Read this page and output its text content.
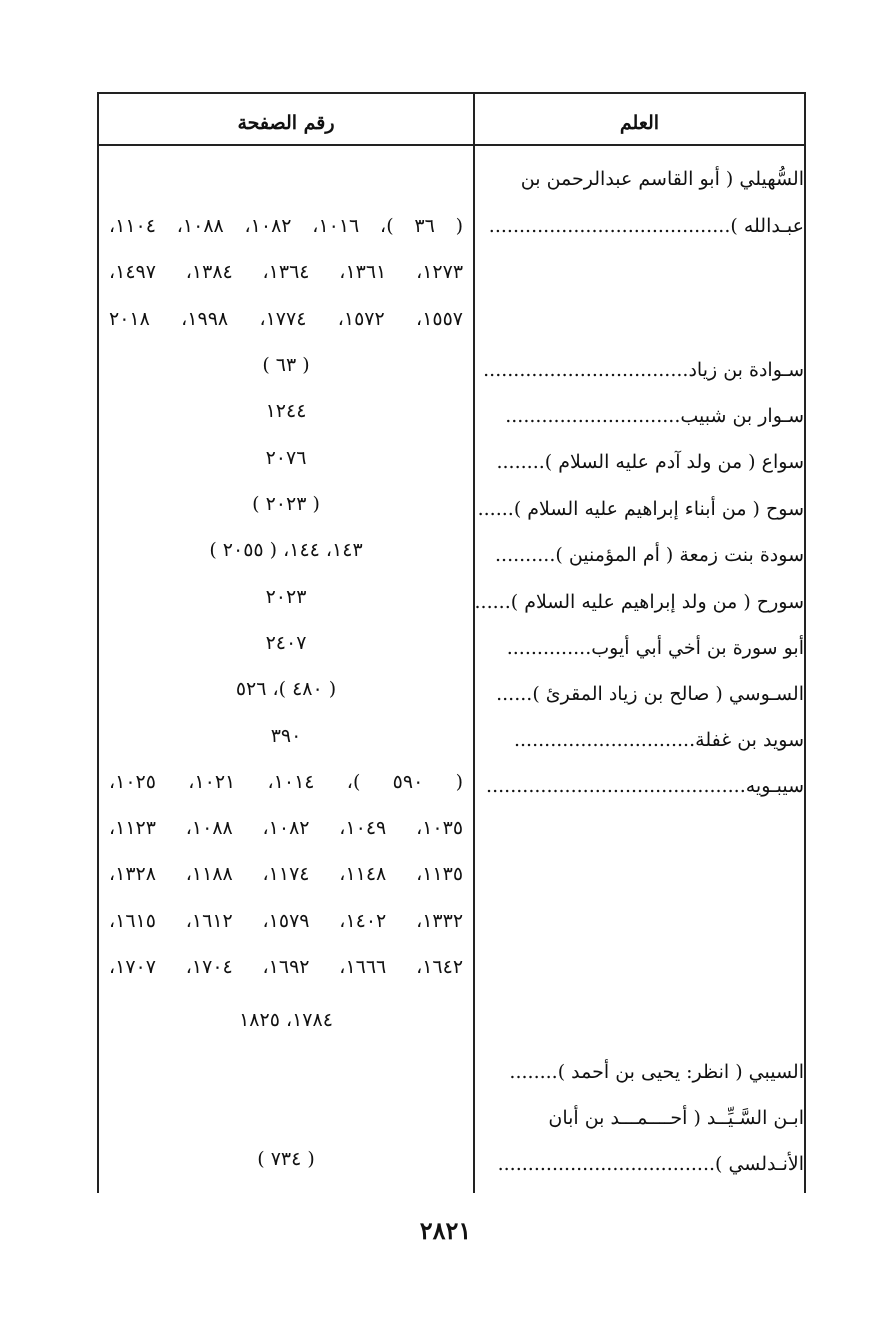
رقم الصفحة	العلم
السُّهيلي ( أبو القاسم عبدالرحمن بن
عبـدالله )........................................
سـوادة بن زياد..................................
سـوار بن شبيب.............................
سواع ( من ولد آدم عليه السلام )........
سوح ( من أبناء إبراهيم عليه السلام )......
سودة بنت زمعة ( أم المؤمنين )..........
سورح ( من ولد إبراهيم عليه السلام )......
أبو سورة بن أخي أبي أيوب..............
السـوسي ( صالح بن زياد المقرئ )......
سويد بن غفلة..............................
سيبـويه...........................................
السيبي ( انظر: يحيى بن أحمد )........
ابـن السَّـيِّــد ( أحــــمـــد بن أبان
الأنـدلسي )....................................
( ٣٦ )، ١٠١٦، ١٠٨٢، ١٠٨٨، ١١٠٤،
١٢٧٣، ١٣٦١، ١٣٦٤، ١٣٨٤، ١٤٩٧،
١٥٥٧، ١٥٧٢، ١٧٧٤، ١٩٩٨، ٢٠١٨
( ٦٣ )
١٢٤٤
٢٠٧٦
( ٢٠٢٣ )
١٤٣، ١٤٤، ( ٢٠٥٥ )
٢٠٢٣
٢٤٠٧
( ٤٨٠ )، ٥٢٦
٣٩٠
( ٥٩٠ )، ١٠١٤، ١٠٢١، ١٠٢٥،
١٠٣٥، ١٠٤٩، ١٠٨٢، ١٠٨٨، ١١٢٣،
١١٣٥، ١١٤٨، ١١٧٤، ١١٨٨، ١٣٢٨،
١٣٣٢، ١٤٠٢، ١٥٧٩، ١٦١٢، ١٦١٥،
١٦٤٢، ١٦٦٦، ١٦٩٢، ١٧٠٤، ١٧٠٧،
١٧٨٤، ١٨٢٥
( ٧٣٤ )
٢٨٢١
